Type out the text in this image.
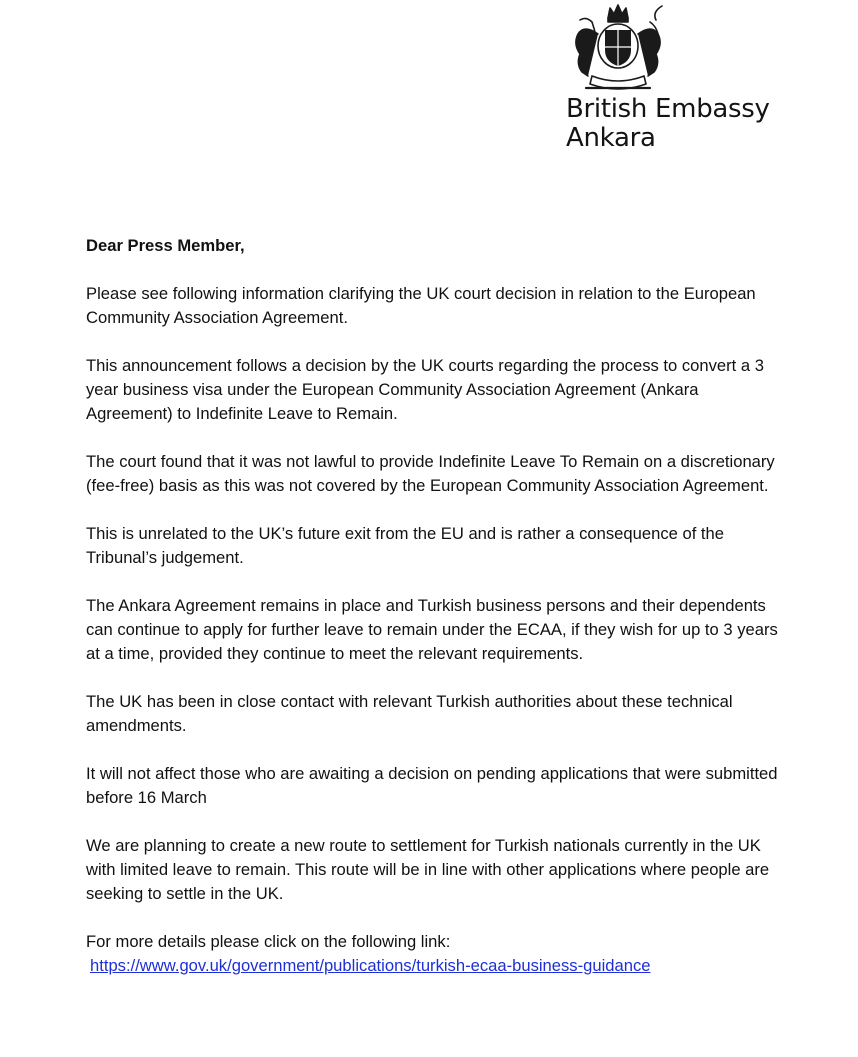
British Embassy
Ankara

Dear Press Member,

Please see following information clarifying the UK court decision in relation to the European Community Association Agreement.

This announcement follows a decision by the UK courts regarding the process to convert a 3 year business visa under the European Community Association Agreement (Ankara Agreement) to Indefinite Leave to Remain.

The court found that it was not lawful to provide Indefinite Leave To Remain on a discretionary (fee-free) basis as this was not covered by the European Community Association Agreement.

This is unrelated to the UK’s future exit from the EU and is rather a consequence of the Tribunal’s judgement.

The Ankara Agreement remains in place and Turkish business persons and their dependents can continue to apply for further leave to remain under the ECAA, if they wish for up to 3 years at a time, provided they continue to meet the relevant requirements.

The UK has been in close contact with relevant Turkish authorities about these technical amendments.

It will not affect those who are awaiting a decision on pending applications that were submitted before 16 March

We are planning to create a new route to settlement for Turkish nationals currently in the UK with limited leave to remain. This route will be in line with other applications where people are seeking to settle in the UK.

For more details please click on the following link:
https://www.gov.uk/government/publications/turkish-ecaa-business-guidance
